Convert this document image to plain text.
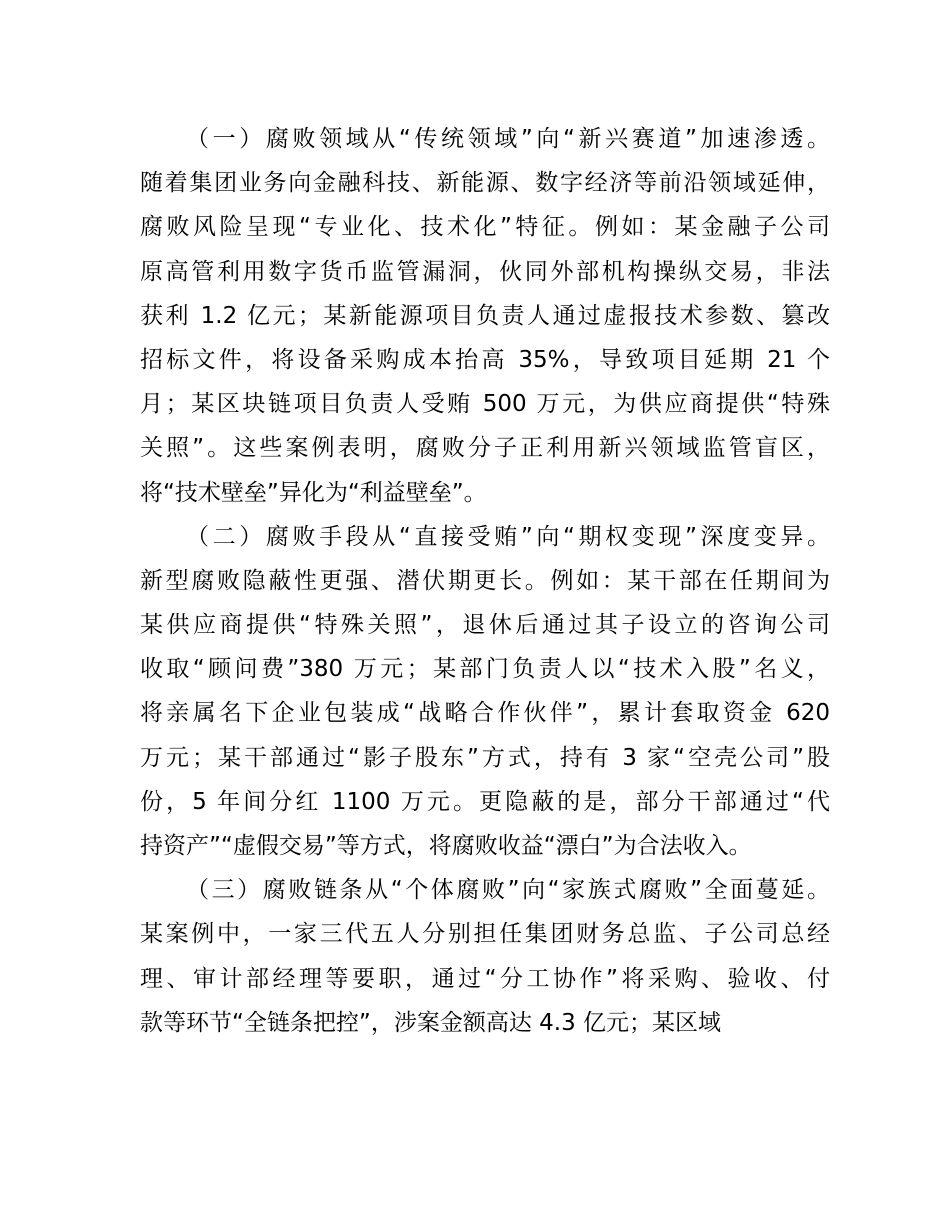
（一）腐败领域从“传统领域”向“新兴赛道”加速渗透。
随着集团业务向金融科技、新能源、数字经济等前沿领域延伸，
腐败风险呈现“专业化、技术化”特征。例如：某金融子公司
原高管利用数字货币监管漏洞，伙同外部机构操纵交易，非法
获利 1.2 亿元；某新能源项目负责人通过虚报技术参数、篡改
招标文件，将设备采购成本抬高 35%，导致项目延期 21 个
月；某区块链项目负责人受贿 500 万元，为供应商提供“特殊
关照”。这些案例表明，腐败分子正利用新兴领域监管盲区，
将“技术壁垒”异化为“利益壁垒”。
（二）腐败手段从“直接受贿”向“期权变现”深度变异。
新型腐败隐蔽性更强、潜伏期更长。例如：某干部在任期间为
某供应商提供“特殊关照”，退休后通过其子设立的咨询公司
收取“顾问费”380 万元；某部门负责人以“技术入股”名义，
将亲属名下企业包装成“战略合作伙伴”，累计套取资金 620
万元；某干部通过“影子股东”方式，持有 3 家“空壳公司”股
份，5 年间分红 1100 万元。更隐蔽的是，部分干部通过“代
持资产”“虚假交易”等方式，将腐败收益“漂白”为合法收入。
（三）腐败链条从“个体腐败”向“家族式腐败”全面蔓延。
某案例中，一家三代五人分别担任集团财务总监、子公司总经
理、审计部经理等要职，通过“分工协作”将采购、验收、付
款等环节“全链条把控”，涉案金额高达 4.3 亿元；某区域
